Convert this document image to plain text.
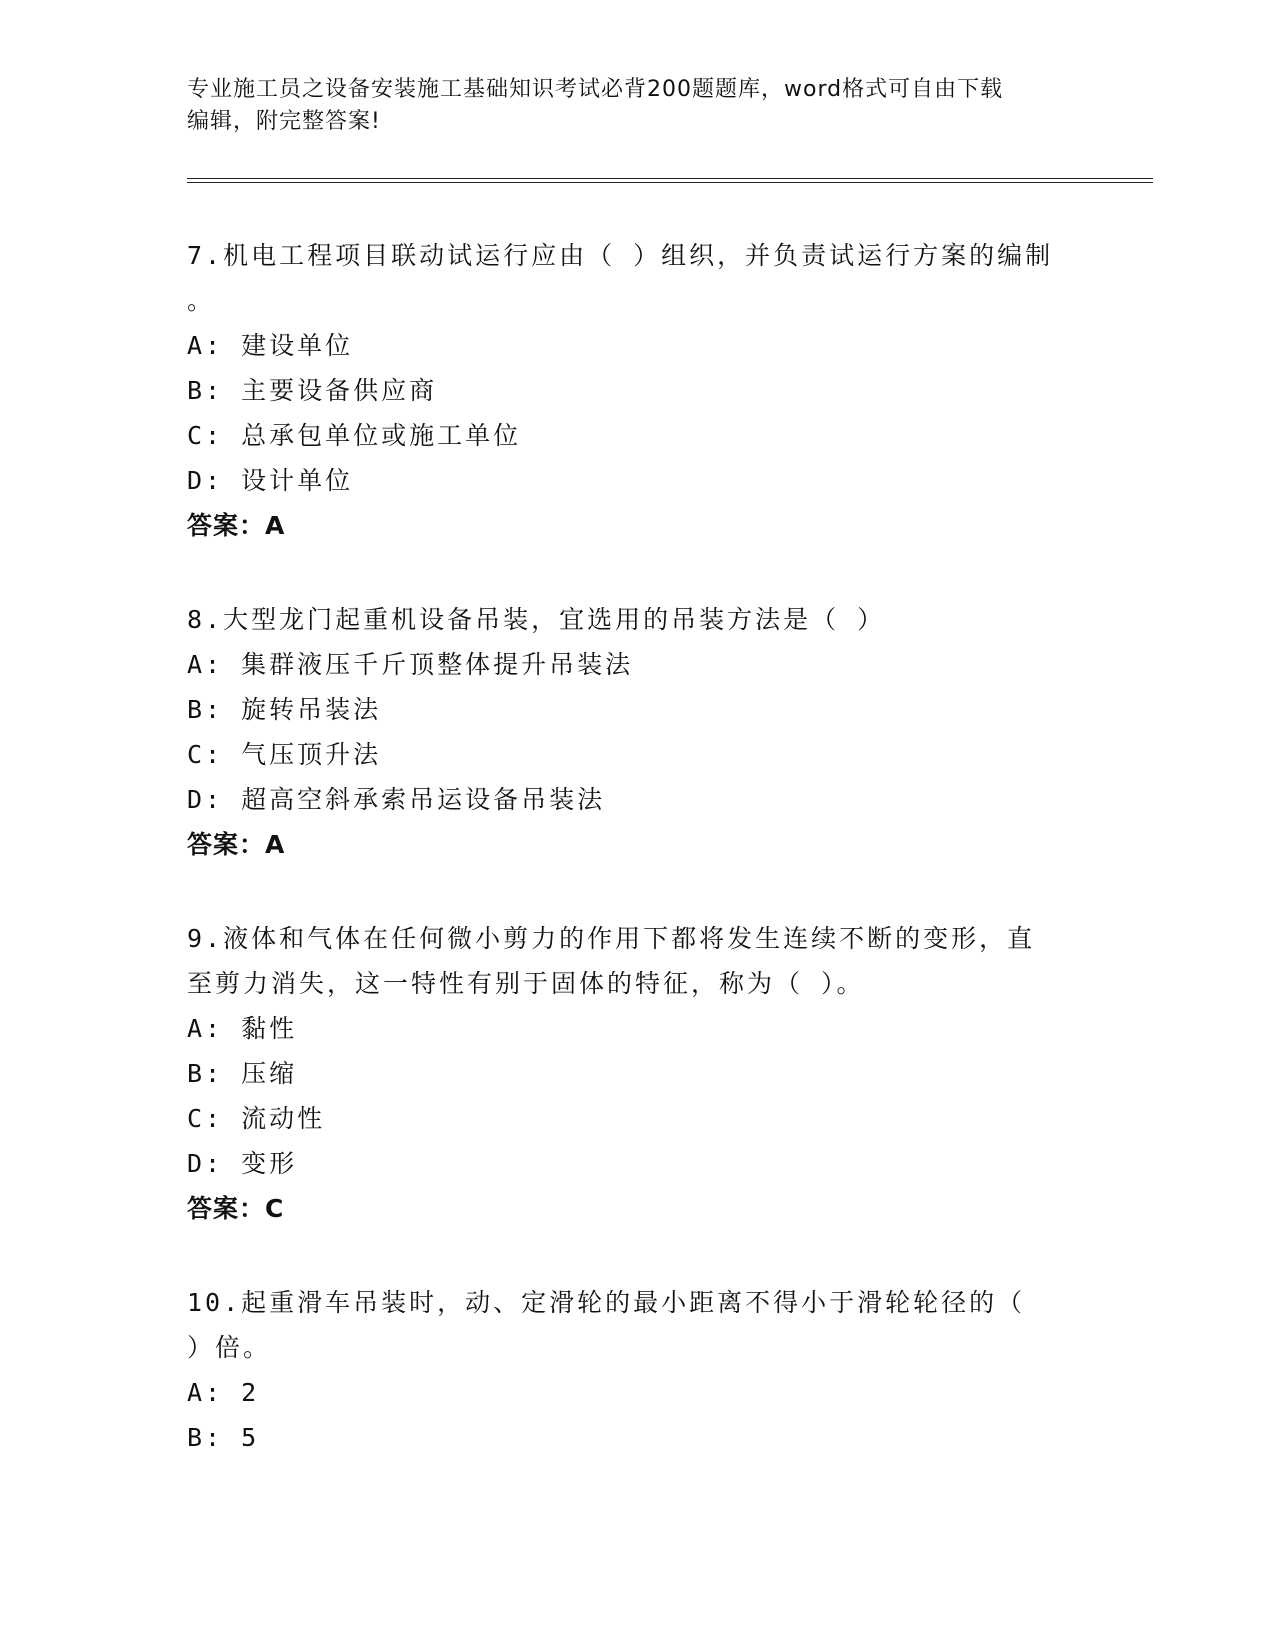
专业施工员之设备安装施工基础知识考试必背200题题库，word格式可自由下载
编辑，附完整答案!
7.机电工程项目联动试运行应由（ ）组织，并负责试运行方案的编制
。
A: 建设单位
B: 主要设备供应商
C: 总承包单位或施工单位
D: 设计单位
答案：A
8.大型龙门起重机设备吊装，宜选用的吊装方法是（ ）
A: 集群液压千斤顶整体提升吊装法
B: 旋转吊装法
C: 气压顶升法
D: 超高空斜承索吊运设备吊装法
答案：A
9.液体和气体在任何微小剪力的作用下都将发生连续不断的变形，直
至剪力消失，这一特性有别于固体的特征，称为（ ）。
A: 黏性
B: 压缩
C: 流动性
D: 变形
答案：C
10.起重滑车吊装时，动、定滑轮的最小距离不得小于滑轮轮径的（
）倍。
A: 2
B: 5
